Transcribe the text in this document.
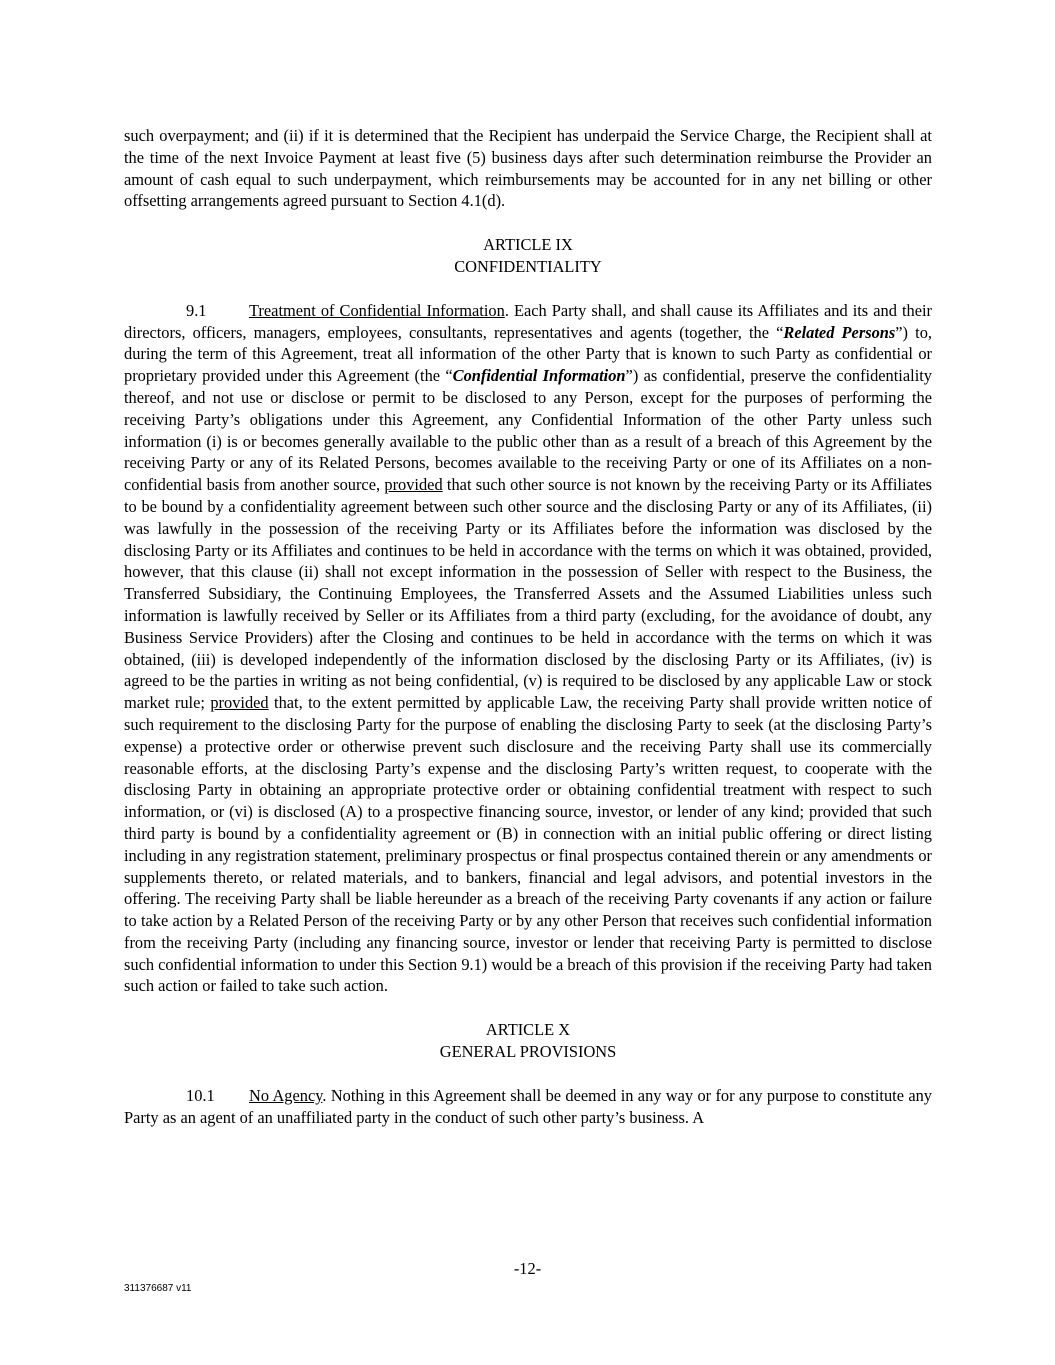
such overpayment; and (ii) if it is determined that the Recipient has underpaid the Service Charge, the Recipient shall at the time of the next Invoice Payment at least five (5) business days after such determination reimburse the Provider an amount of cash equal to such underpayment, which reimbursements may be accounted for in any net billing or other offsetting arrangements agreed pursuant to Section 4.1(d).

ARTICLE IX
CONFIDENTIALITY

9.1	Treatment of Confidential Information. Each Party shall, and shall cause its Affiliates and its and their directors, officers, managers, employees, consultants, representatives and agents (together, the “Related Persons”) to, during the term of this Agreement, treat all information of the other Party that is known to such Party as confidential or proprietary provided under this Agreement (the “Confidential Information”) as confidential, preserve the confidentiality thereof, and not use or disclose or permit to be disclosed to any Person, except for the purposes of performing the receiving Party’s obligations under this Agreement, any Confidential Information of the other Party unless such information (i) is or becomes generally available to the public other than as a result of a breach of this Agreement by the receiving Party or any of its Related Persons, becomes available to the receiving Party or one of its Affiliates on a non-confidential basis from another source, provided that such other source is not known by the receiving Party or its Affiliates to be bound by a confidentiality agreement between such other source and the disclosing Party or any of its Affiliates, (ii) was lawfully in the possession of the receiving Party or its Affiliates before the information was disclosed by the disclosing Party or its Affiliates and continues to be held in accordance with the terms on which it was obtained, provided, however, that this clause (ii) shall not except information in the possession of Seller with respect to the Business, the Transferred Subsidiary, the Continuing Employees, the Transferred Assets and the Assumed Liabilities unless such information is lawfully received by Seller or its Affiliates from a third party (excluding, for the avoidance of doubt, any Business Service Providers) after the Closing and continues to be held in accordance with the terms on which it was obtained, (iii) is developed independently of the information disclosed by the disclosing Party or its Affiliates, (iv) is agreed to be the parties in writing as not being confidential, (v) is required to be disclosed by any applicable Law or stock market rule; provided that, to the extent permitted by applicable Law, the receiving Party shall provide written notice of such requirement to the disclosing Party for the purpose of enabling the disclosing Party to seek (at the disclosing Party’s expense) a protective order or otherwise prevent such disclosure and the receiving Party shall use its commercially reasonable efforts, at the disclosing Party’s expense and the disclosing Party’s written request, to cooperate with the disclosing Party in obtaining an appropriate protective order or obtaining confidential treatment with respect to such information, or (vi) is disclosed (A) to a prospective financing source, investor, or lender of any kind; provided that such third party is bound by a confidentiality agreement or (B) in connection with an initial public offering or direct listing including in any registration statement, preliminary prospectus or final prospectus contained therein or any amendments or supplements thereto, or related materials, and to bankers, financial and legal advisors, and potential investors in the offering. The receiving Party shall be liable hereunder as a breach of the receiving Party covenants if any action or failure to take action by a Related Person of the receiving Party or by any other Person that receives such confidential information from the receiving Party (including any financing source, investor or lender that receiving Party is permitted to disclose such confidential information to under this Section 9.1) would be a breach of this provision if the receiving Party had taken such action or failed to take such action.

ARTICLE X
GENERAL PROVISIONS

10.1 No Agency. Nothing in this Agreement shall be deemed in any way or for any purpose to constitute any Party as an agent of an unaffiliated party in the conduct of such other party’s business. A

-12-
311376687 v11
